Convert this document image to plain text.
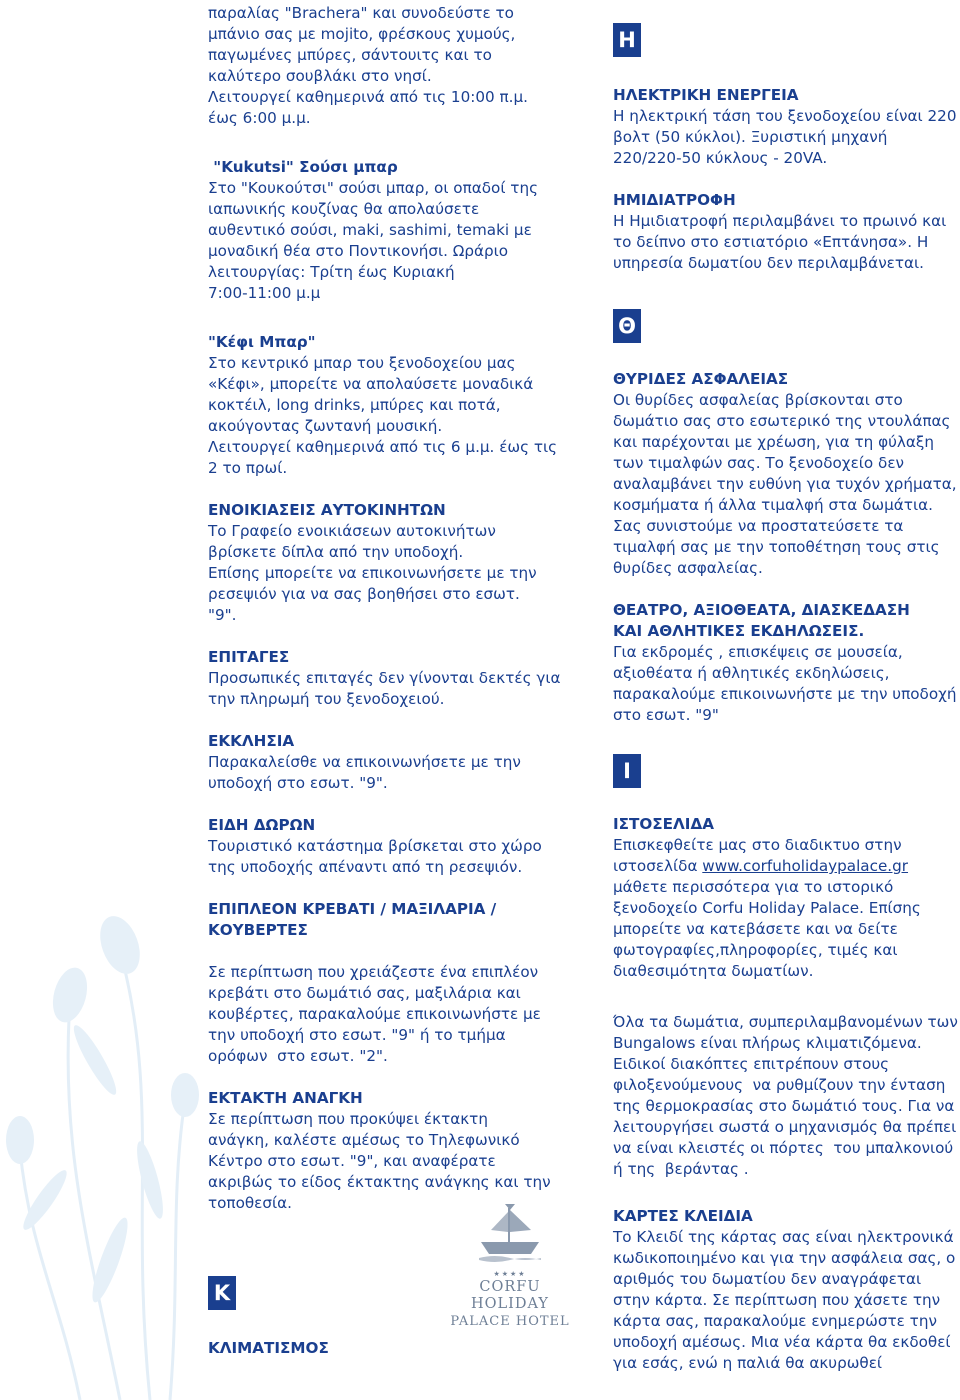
παραλίας "Brachera" και συνοδεύστε το

μπάνιο σας με mojito, φρέσκους χυμούς,

παγωμένες μπύρες, σάντουιτς και το

καλύτερο σουβλάκι στο νησί.

Λειτουργεί καθημερινά από τις 10:00 π.μ.

έως 6:00 μ.μ.

"Kukutsi" Σούσι μπαρ

Στο "Κουκούτσι" σούσι μπαρ, οι οπαδοί της

ιαπωνικής κουζίνας θα απολαύσετε

αυθεντικό σούσι, maki, sashimi, temaki με

μοναδική θέα στο Ποντικονήσι. Ωράριο

λειτουργίας: Τρίτη έως Κυριακή

7:00-11:00 μ.μ

"Κέφι Μπαρ"

Στο κεντρικό μπαρ του ξενοδοχείου μας

«Κέφι», μπορείτε να απολαύσετε μοναδικά

κοκτέιλ, long drinks, μπύρες και ποτά,

ακούγοντας ζωντανή μουσική.

Λειτουργεί καθημερινά από τις 6 μ.μ. έως τις

2 το πρωί.

ΕΝΟΙΚΙΑΣΕΙΣ ΑΥΤΟΚΙΝΗΤΩΝ

Το Γραφείο ενοικιάσεων αυτοκινήτων

βρίσκετε δίπλα από την υποδοχή.

Επίσης μπορείτε να επικοινωνήσετε με την

ρεσεψιόν για να σας βοηθήσει στο εσωτ.

"9".

ΕΠΙΤΑΓΕΣ

Προσωπικές επιταγές δεν γίνονται δεκτές για

την πληρωμή του ξενοδοχειού.

ΕΚΚΛΗΣΙΑ

Παρακαλείσθε να επικοινωνήσετε με την

υποδοχή στο εσωτ. "9".

ΕΙΔΗ ΔΩΡΩΝ

Τουριστικό κατάστημα βρίσκεται στο χώρο

της υποδοχής απέναντι από τη ρεσεψιόν.

ΕΠΙΠΛΕΟΝ ΚΡΕΒΑΤΙ / ΜΑΞΙΛΑΡΙΑ /

ΚΟΥΒΕΡΤΕΣ

Σε περίπτωση που χρειάζεστε ένα επιπλέον

κρεβάτι στο δωμάτιό σας, μαξιλάρια και

κουβέρτες, παρακαλούμε επικοινωνήστε με

την υποδοχή στο εσωτ. "9" ή το τμήμα

ορόφων  στο εσωτ. "2".

ΕΚΤΑΚΤΗ ΑΝΑΓΚΗ

Σε περίπτωση που προκύψει έκτακτη

ανάγκη, καλέστε αμέσως το Τηλεφωνικό

Κέντρο στο εσωτ. "9", και αναφέρατε

ακριβώς το είδος έκτακτης ανάγκης και την

τοποθεσία.

Κ

ΚΛΙΜΑΤΙΣΜΟΣ

★★★★
CORFU HOLIDAY
PALACE HOTEL
Η

ΗΛΕΚΤΡΙΚΗ ΕΝΕΡΓΕΙΑ

Η ηλεκτρική τάση του ξενοδοχείου είναι 220

βολτ (50 κύκλοι). Ξυριστική μηχανή

220/220-50 κύκλους - 20VA.

ΗΜΙΔΙΑΤΡΟΦΗ

Η Ημιδιατροφή περιλαμβάνει το πρωινό και

το δείπνο στο εστιατόριο «Επτάνησα». Η

υπηρεσία δωματίου δεν περιλαμβάνεται.

Θ

ΘΥΡΙΔΕΣ ΑΣΦΑΛΕΙΑΣ

Οι θυρίδες ασφαλείας βρίσκονται στο

δωμάτιο σας στο εσωτερικό της ντουλάπας

και παρέχονται με χρέωση, για τη φύλαξη

των τιμαλφών σας. Το ξενοδοχείο δεν

αναλαμβάνει την ευθύνη για τυχόν χρήματα,

κοσμήματα ή άλλα τιμαλφή στα δωμάτια.

Σας συνιστούμε να προστατεύσετε τα

τιμαλφή σας με την τοποθέτηση τους στις

θυρίδες ασφαλείας.

ΘΕΑΤΡΟ, ΑΞΙΟΘΕΑΤΑ, ΔΙΑΣΚΕΔΑΣΗ

ΚΑΙ ΑΘΛΗΤΙΚΕΣ ΕΚΔΗΛΩΣΕΙΣ.

Για εκδρομές , επισκέψεις σε μουσεία,

αξιοθέατα ή αθλητικές εκδηλώσεις,

παρακαλούμε επικοινωνήστε με την υποδοχή

στο εσωτ. "9"

Ι

ΙΣΤΟΣΕΛΙΔΑ

Επισκεφθείτε μας στο διαδικτυο στην

ιστοσελίδα www.corfuholidaypalace.gr

μάθετε περισσότερα για το ιστορικό

ξενοδοχείο Corfu Holiday Palace. Επίσης

μπορείτε να κατεβάσετε και να δείτε

φωτογραφίες,πληροφορίες, τιμές και

διαθεσιμότητα δωματίων.

Όλα τα δωμάτια, συμπεριλαμβανομένων των

Bungalows είναι πλήρως κλιματιζόμενα.

Ειδικοί διακόπτες επιτρέπουν στους

φιλοξενούμενους  να ρυθμίζουν την ένταση

της θερμοκρασίας στο δωμάτιό τους. Για να

λειτουργήσει σωστά ο μηχανισμός θα πρέπει

να είναι κλειστές οι πόρτες  του μπαλκονιού

ή της  βεράντας .

ΚΑΡΤΕΣ ΚΛΕΙΔΙΑ

Το Κλειδί της κάρτας σας είναι ηλεκτρονικά

κωδικοποιημένο και για την ασφάλεια σας, ο

αριθμός του δωματίου δεν αναγράφεται

στην κάρτα. Σε περίπτωση που χάσετε την

κάρτα σας, παρακαλούμε ενημερώστε την

υποδοχή αμέσως. Μια νέα κάρτα θα εκδοθεί

για εσάς, ενώ η παλιά θα ακυρωθεί
